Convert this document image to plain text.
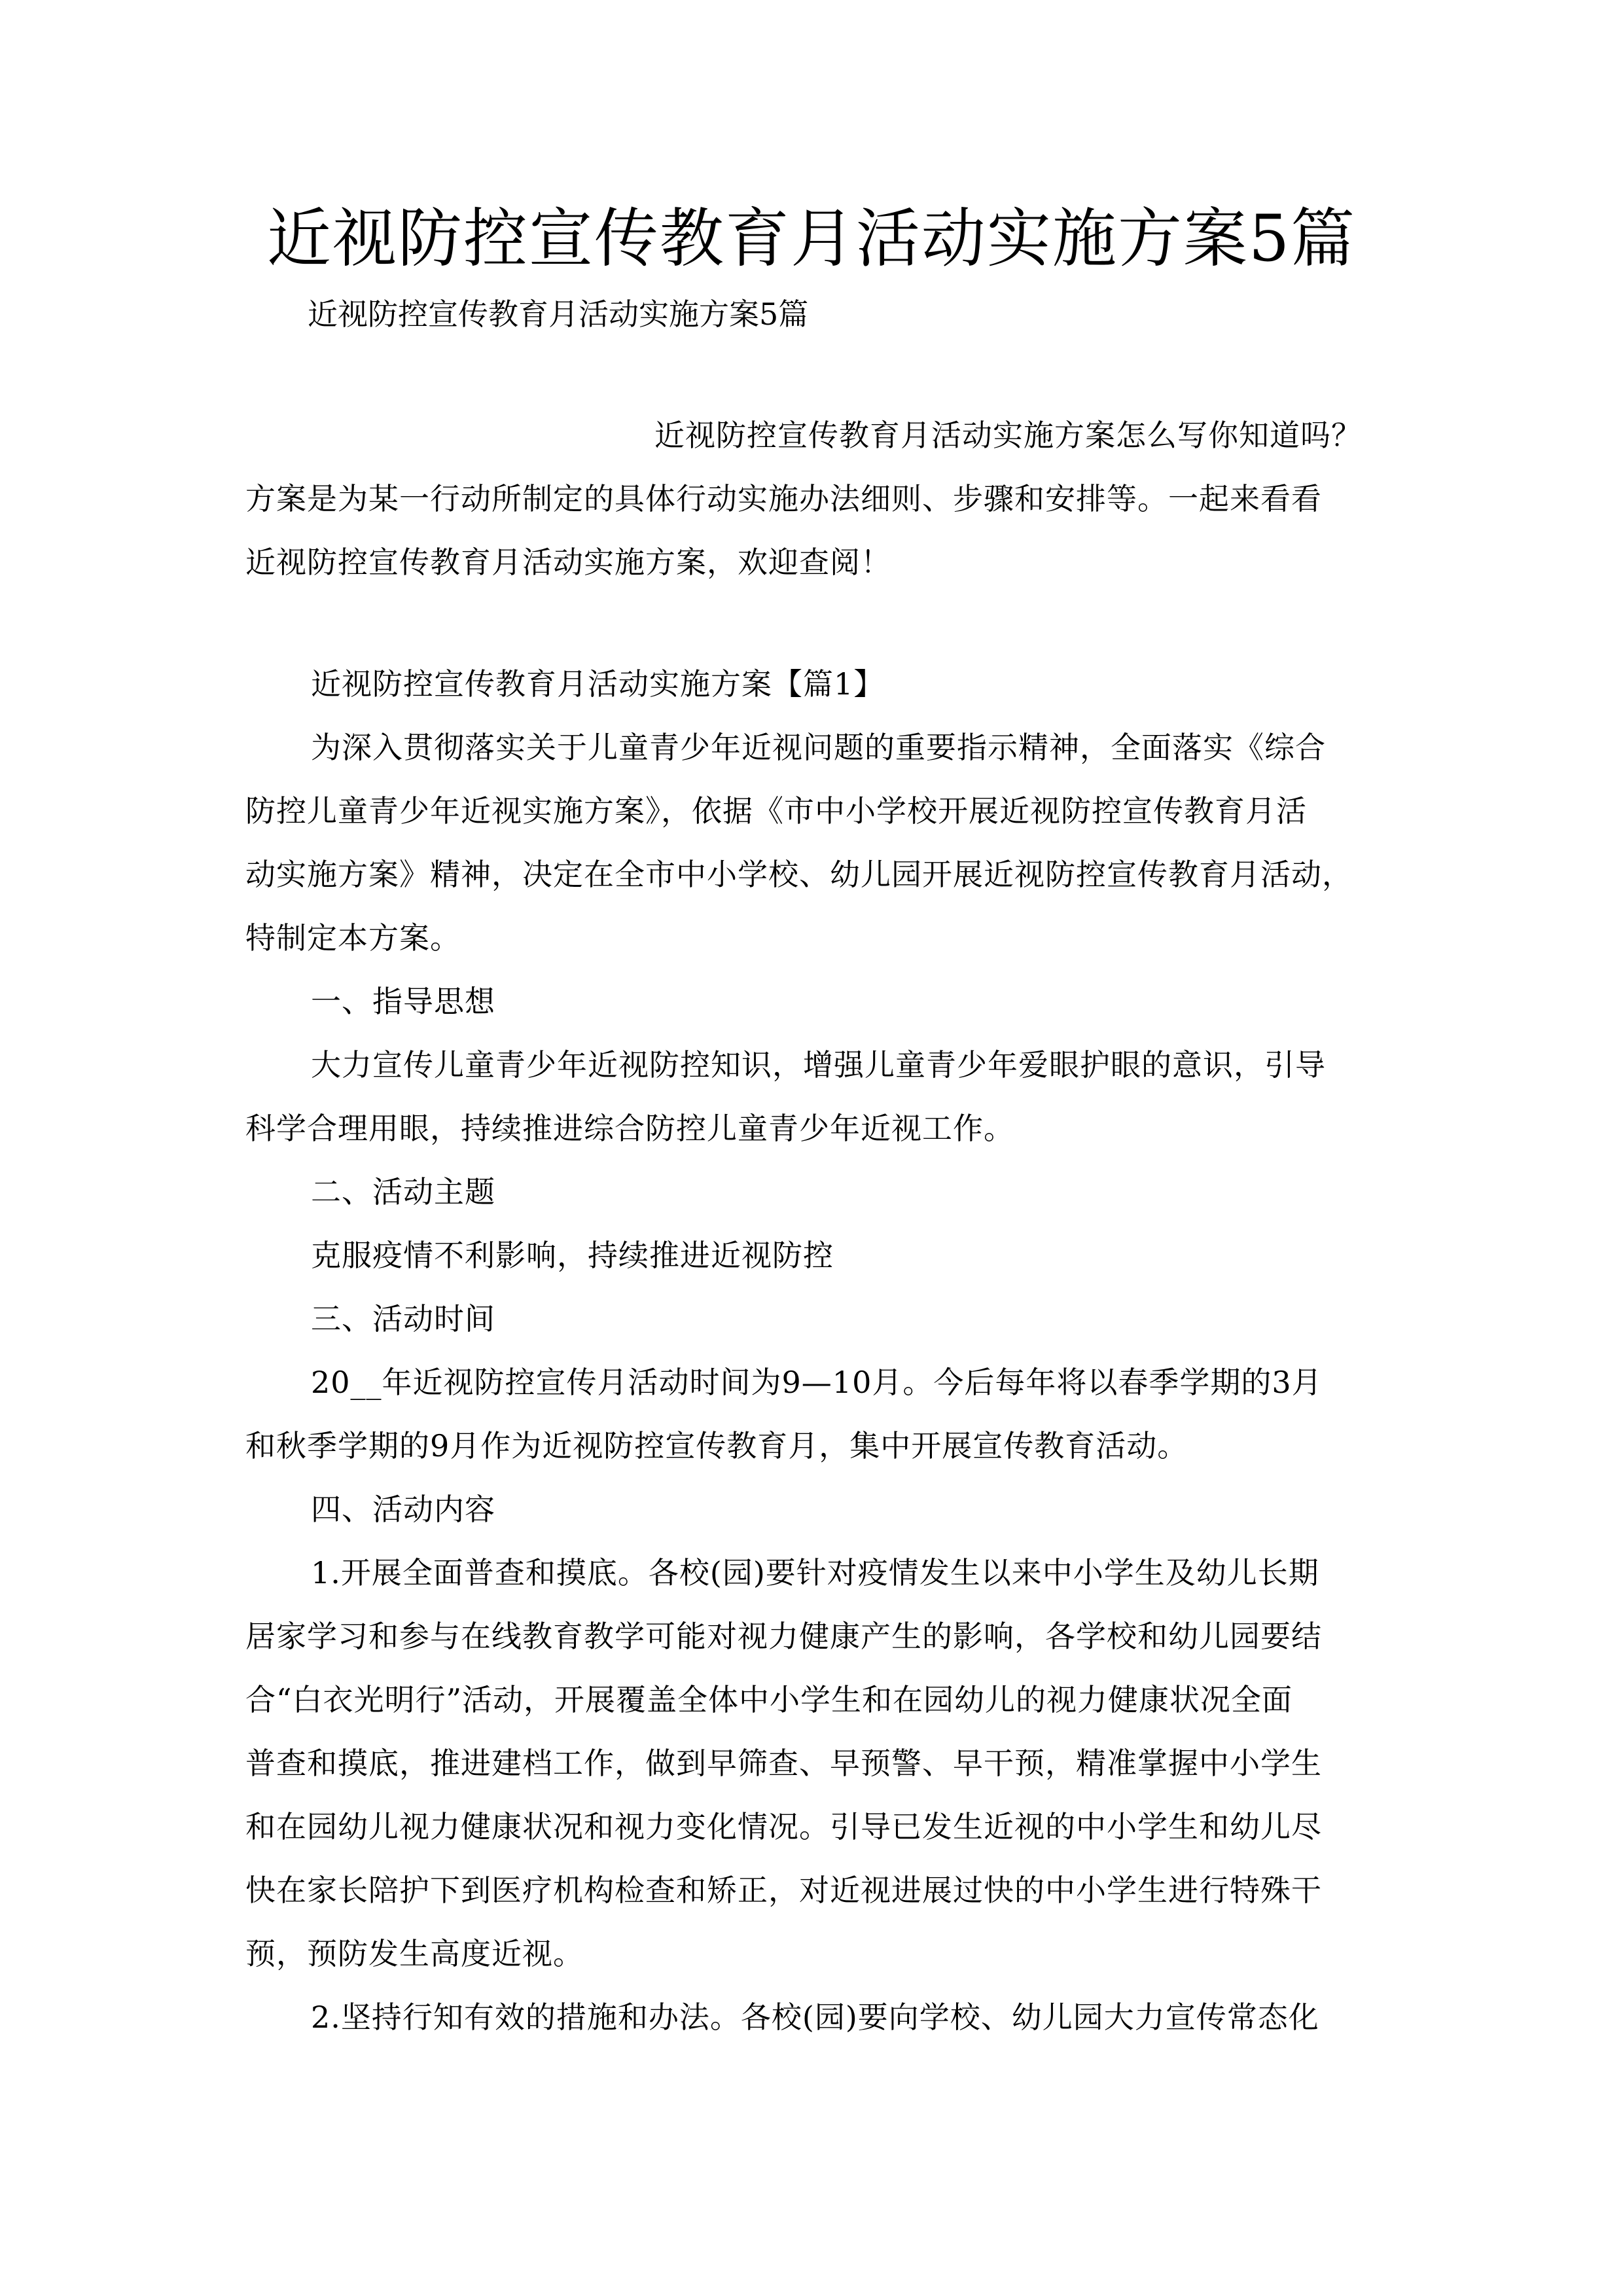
近视防控宣传教育月活动实施方案5篇
近视防控宣传教育月活动实施方案5篇
近视防控宣传教育月活动实施方案怎么写你知道吗？
方案是为某一行动所制定的具体行动实施办法细则、步骤和安排等。一起来看看
近视防控宣传教育月活动实施方案，欢迎查阅！
近视防控宣传教育月活动实施方案【篇1】
为深入贯彻落实关于儿童青少年近视问题的重要指示精神，全面落实《综合
防控儿童青少年近视实施方案》，依据《市中小学校开展近视防控宣传教育月活
动实施方案》精神，决定在全市中小学校、幼儿园开展近视防控宣传教育月活动，
特制定本方案。
一、指导思想
大力宣传儿童青少年近视防控知识，增强儿童青少年爱眼护眼的意识，引导
科学合理用眼，持续推进综合防控儿童青少年近视工作。
二、活动主题
克服疫情不利影响，持续推进近视防控
三、活动时间
20__年近视防控宣传月活动时间为9—10月。今后每年将以春季学期的3月
和秋季学期的9月作为近视防控宣传教育月，集中开展宣传教育活动。
四、活动内容
1.开展全面普查和摸底。各校(园)要针对疫情发生以来中小学生及幼儿长期
居家学习和参与在线教育教学可能对视力健康产生的影响，各学校和幼儿园要结
合“白衣光明行”活动，开展覆盖全体中小学生和在园幼儿的视力健康状况全面
普查和摸底，推进建档工作，做到早筛查、早预警、早干预，精准掌握中小学生
和在园幼儿视力健康状况和视力变化情况。引导已发生近视的中小学生和幼儿尽
快在家长陪护下到医疗机构检查和矫正，对近视进展过快的中小学生进行特殊干
预，预防发生高度近视。
2.坚持行知有效的措施和办法。各校(园)要向学校、幼儿园大力宣传常态化
